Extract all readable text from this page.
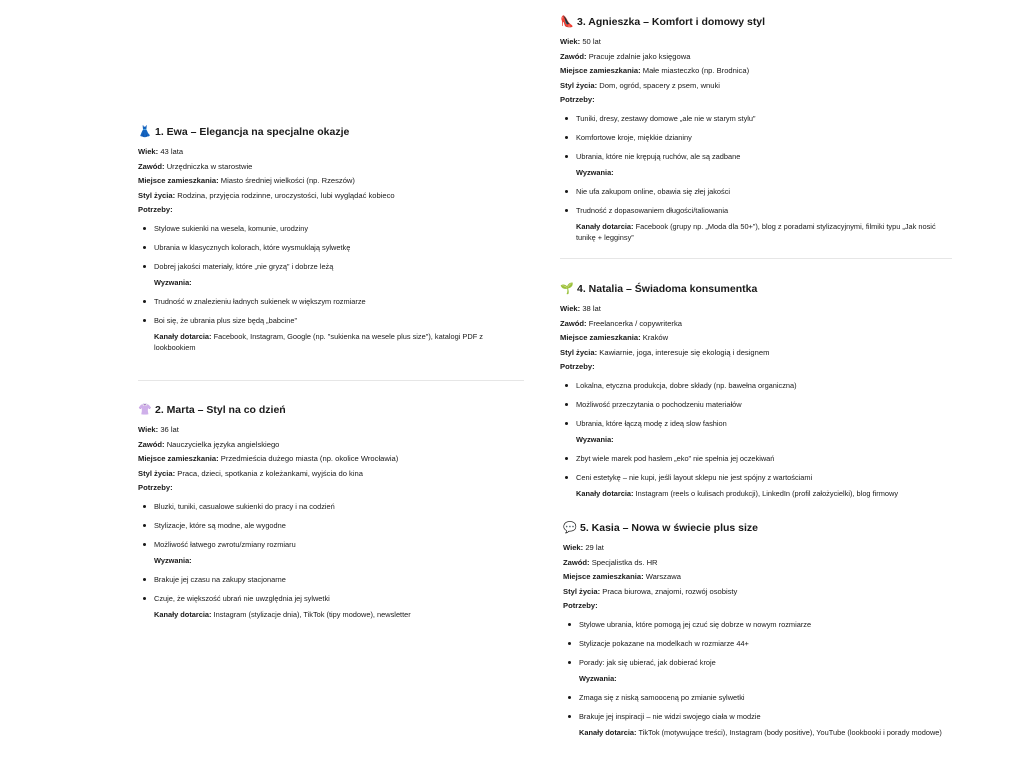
👗 1. Ewa – Elegancja na specjalne okazje
Wiek: 43 lata
Zawód: Urzędniczka w starostwie
Miejsce zamieszkania: Miasto średniej wielkości (np. Rzeszów)
Styl życia: Rodzina, przyjęcia rodzinne, uroczystości, lubi wyglądać kobieco
Potrzeby:
Stylowe sukienki na wesela, komunie, urodziny
Ubrania w klasycznych kolorach, które wysmuklają sylwetkę
Dobrej jakości materiały, które „nie gryzą” i dobrze leżą
Wyzwania:
Trudność w znalezieniu ładnych sukienek w większym rozmiarze
Boi się, że ubrania plus size będą „babcine”
Kanały dotarcia: Facebook, Instagram, Google (np. "sukienka na wesele plus size"), katalogi PDF z lookbookiem
👚 2. Marta – Styl na co dzień
Wiek: 36 lat
Zawód: Nauczycielka języka angielskiego
Miejsce zamieszkania: Przedmieścia dużego miasta (np. okolice Wrocławia)
Styl życia: Praca, dzieci, spotkania z koleżankami, wyjścia do kina
Potrzeby:
Bluzki, tuniki, casualowe sukienki do pracy i na codzień
Stylizacje, które są modne, ale wygodne
Możliwość łatwego zwrotu/zmiany rozmiaru
Wyzwania:
Brakuje jej czasu na zakupy stacjonarne
Czuje, że większość ubrań nie uwzględnia jej sylwetki
Kanały dotarcia: Instagram (stylizacje dnia), TikTok (tipy modowe), newsletter
👠 3. Agnieszka – Komfort i domowy styl
Wiek: 50 lat
Zawód: Pracuje zdalnie jako księgowa
Miejsce zamieszkania: Małe miasteczko (np. Brodnica)
Styl życia: Dom, ogród, spacery z psem, wnuki
Potrzeby:
Tuniki, dresy, zestawy domowe „ale nie w starym stylu”
Komfortowe kroje, miękkie dzianiny
Ubrania, które nie krępują ruchów, ale są zadbane
Wyzwania:
Nie ufa zakupom online, obawia się złej jakości
Trudność z dopasowaniem długości/taliowania
Kanały dotarcia: Facebook (grupy np. „Moda dla 50+”), blog z poradami stylizacyjnymi, filmiki typu „Jak nosić tunikę + legginsy”
🌱 4. Natalia – Świadoma konsumentka
Wiek: 38 lat
Zawód: Freelancerka / copywriterka
Miejsce zamieszkania: Kraków
Styl życia: Kawiarnie, joga, interesuje się ekologią i designem
Potrzeby:
Lokalna, etyczna produkcja, dobre składy (np. bawełna organiczna)
Możliwość przeczytania o pochodzeniu materiałów
Ubrania, które łączą modę z ideą slow fashion
Wyzwania:
Zbyt wiele marek pod hasłem „eko” nie spełnia jej oczekiwań
Ceni estetykę – nie kupi, jeśli layout sklepu nie jest spójny z wartościami
Kanały dotarcia: Instagram (reels o kulisach produkcji), LinkedIn (profil założycielki), blog firmowy
💬 5. Kasia – Nowa w świecie plus size
Wiek: 29 lat
Zawód: Specjalistka ds. HR
Miejsce zamieszkania: Warszawa
Styl życia: Praca biurowa, znajomi, rozwój osobisty
Potrzeby:
Stylowe ubrania, które pomogą jej czuć się dobrze w nowym rozmiarze
Stylizacje pokazane na modelkach w rozmiarze 44+
Porady: jak się ubierać, jak dobierać kroje
Wyzwania:
Zmaga się z niską samooceną po zmianie sylwetki
Brakuje jej inspiracji – nie widzi swojego ciała w modzie
Kanały dotarcia: TikTok (motywujące treści), Instagram (body positive), YouTube (lookbooki i porady modowe)
